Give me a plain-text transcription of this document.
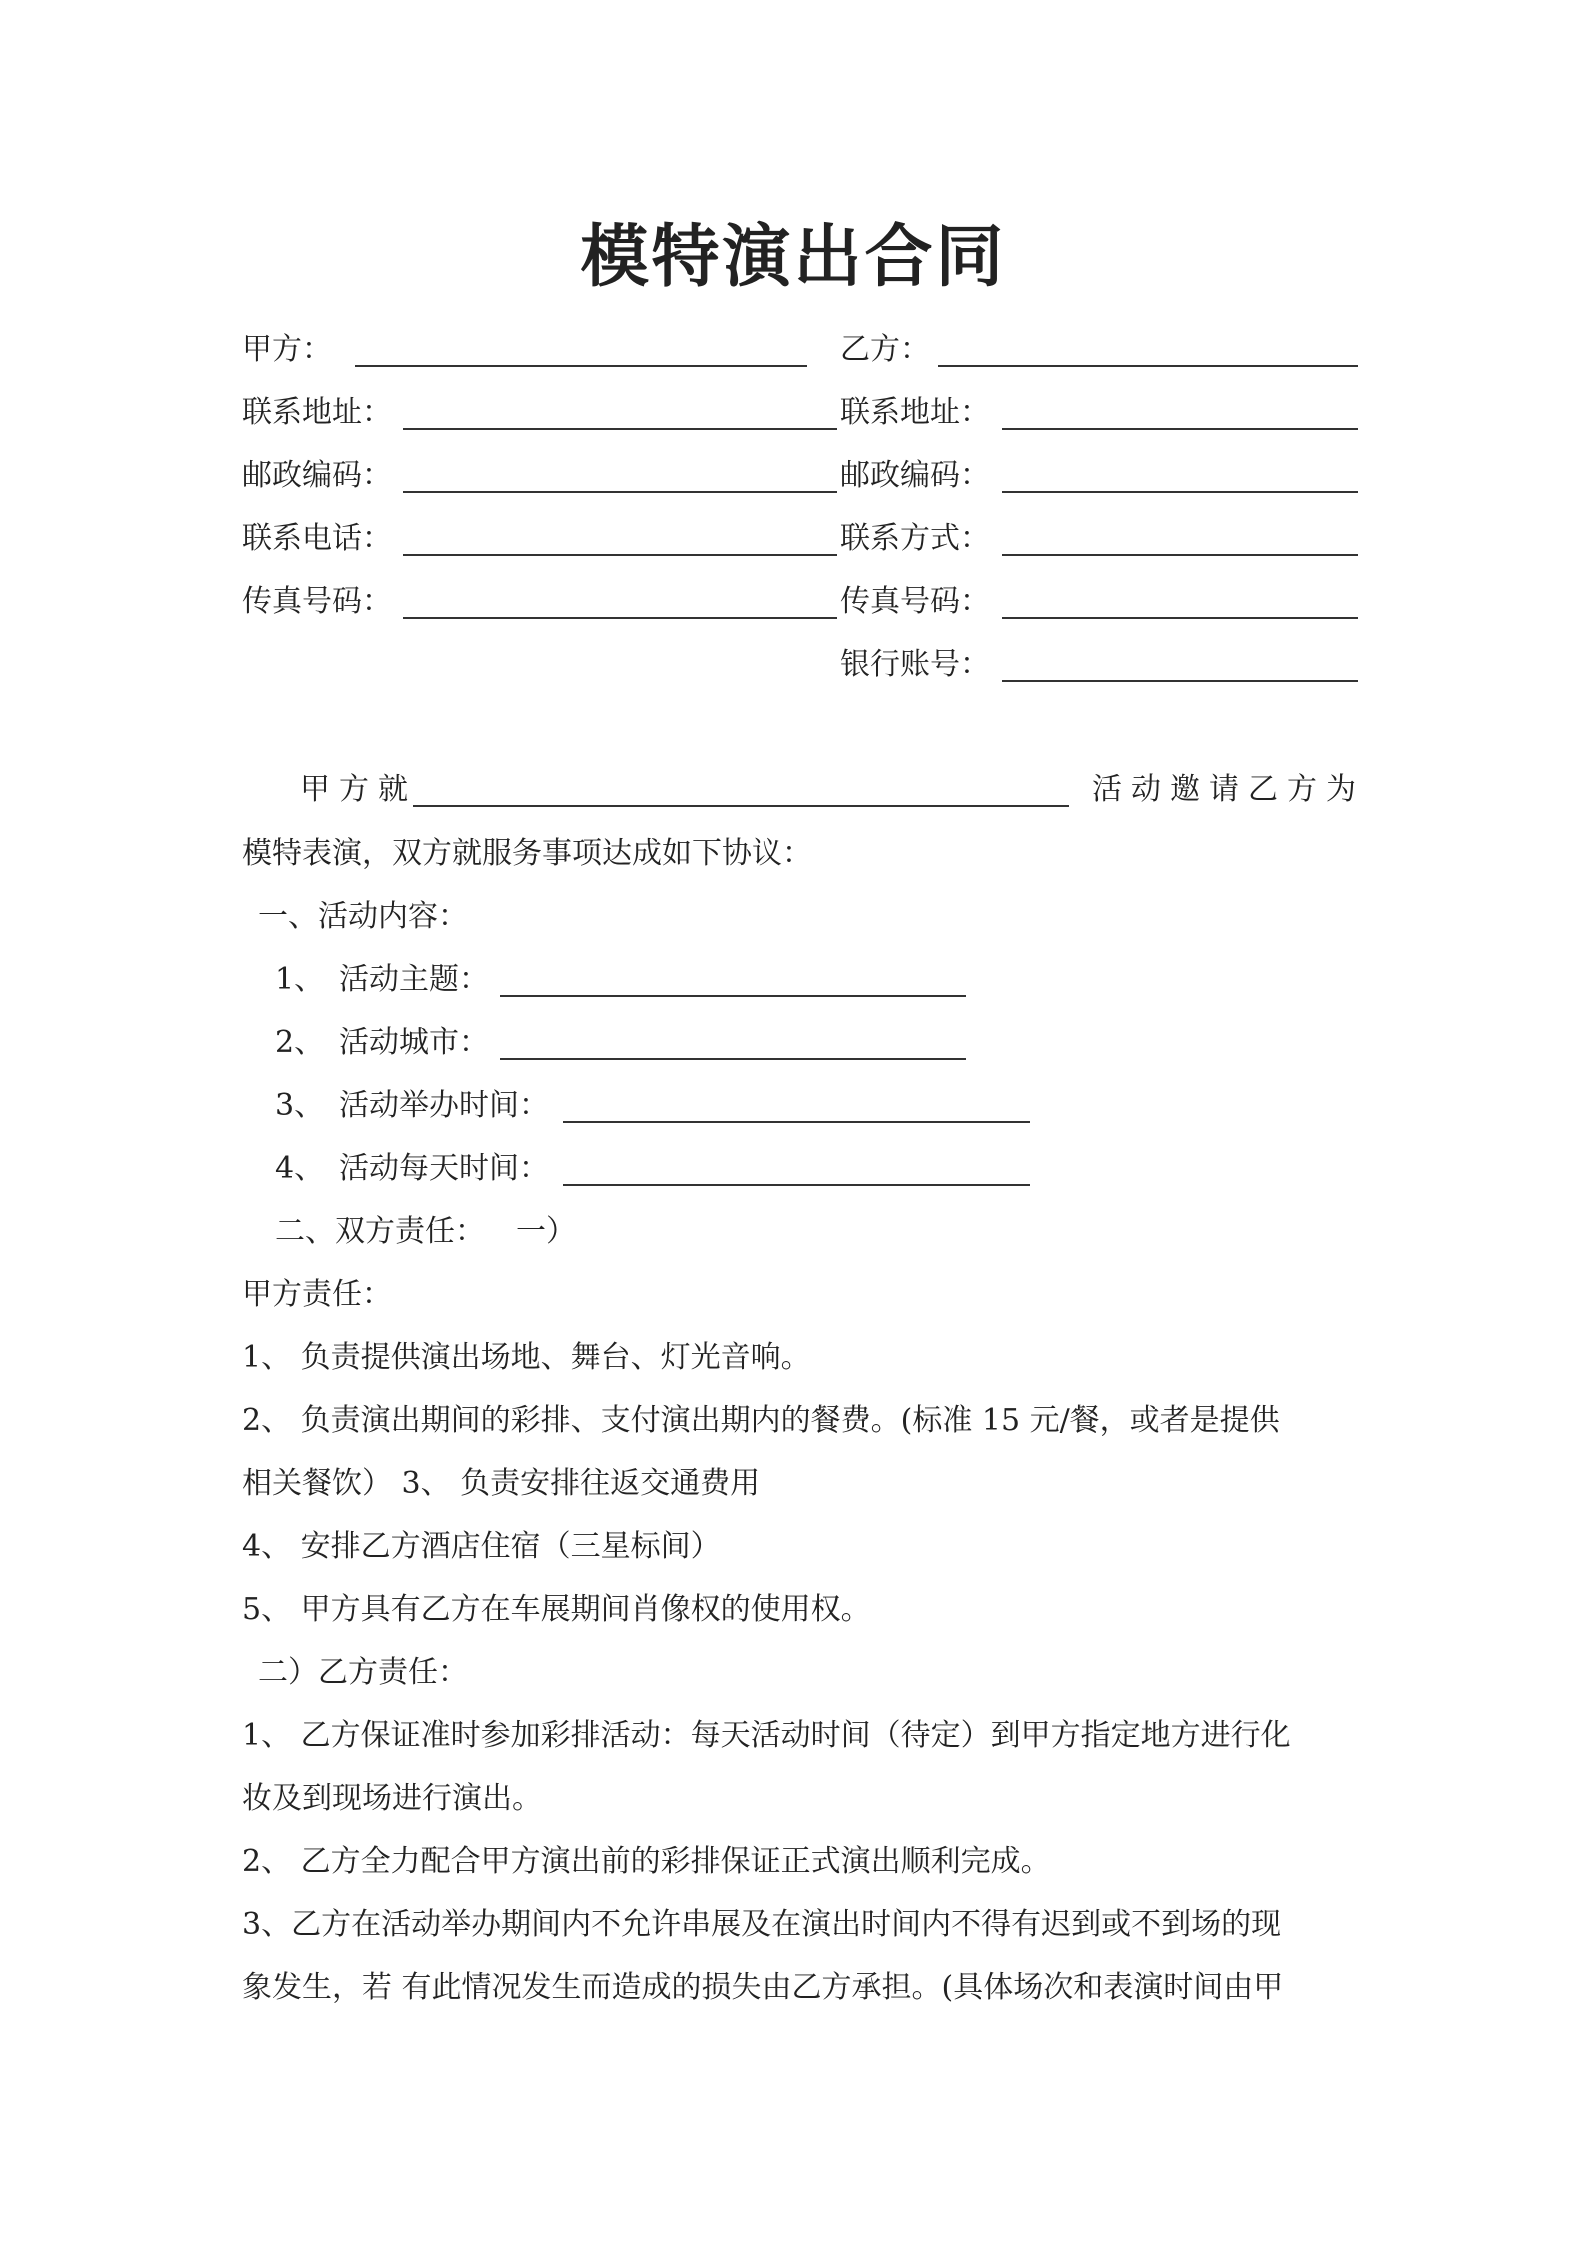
模特演出合同
甲方：	乙方：
联系地址：	联系地址：
邮政编码：	邮政编码：
联系电话：	联系方式：
传真号码：	传真号码：
银行账号：
甲方就	活动邀请乙方为
模特表演，双方就服务事项达成如下协议：
一、活动内容：
1、 活动主题：
2、 活动城市：
3、 活动举办时间：
4、 活动每天时间：
二、双方责任： 一）
甲方责任：
1、 负责提供演出场地、舞台、灯光音响。
2、 负责演出期间的彩排、支付演出期内的餐费。(标准 15 元/餐，或者是提供
相关餐饮） 3、 负责安排往返交通费用
4、 安排乙方酒店住宿（三星标间）
5、 甲方具有乙方在车展期间肖像权的使用权。
二）乙方责任：
1、 乙方保证准时参加彩排活动：每天活动时间（待定）到甲方指定地方进行化
妆及到现场进行演出。
2、 乙方全力配合甲方演出前的彩排保证正式演出顺利完成。
3、乙方在活动举办期间内不允许串展及在演出时间内不得有迟到或不到场的现
象发生，若 有此情况发生而造成的损失由乙方承担。(具体场次和表演时间由甲
